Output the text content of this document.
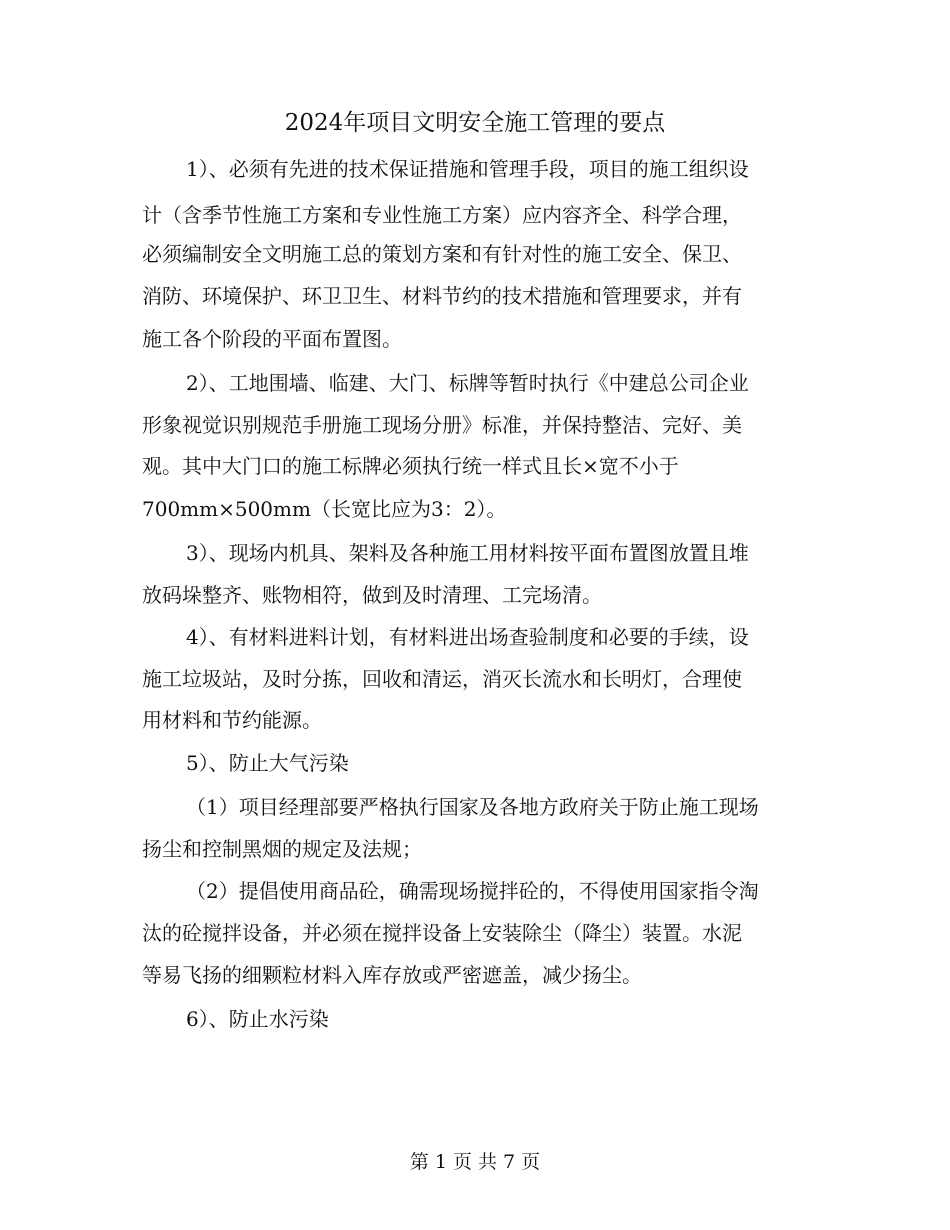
2024年项目文明安全施工管理的要点
1）、必须有先进的技术保证措施和管理手段，项目的施工组织设
计（含季节性施工方案和专业性施工方案）应内容齐全、科学合理，
必须编制安全文明施工总的策划方案和有针对性的施工安全、保卫、
消防、环境保护、环卫卫生、材料节约的技术措施和管理要求，并有
施工各个阶段的平面布置图。
2）、工地围墙、临建、大门、标牌等暂时执行《中建总公司企业
形象视觉识别规范手册施工现场分册》标准，并保持整洁、完好、美
观。其中大门口的施工标牌必须执行统一样式且长×宽不小于
700mm×500mm（长宽比应为3：2）。
3）、现场内机具、架料及各种施工用材料按平面布置图放置且堆
放码垛整齐、账物相符，做到及时清理、工完场清。
4）、有材料进料计划，有材料进出场查验制度和必要的手续，设
施工垃圾站，及时分拣，回收和清运，消灭长流水和长明灯，合理使
用材料和节约能源。
5）、防止大气污染
（1）项目经理部要严格执行国家及各地方政府关于防止施工现场
扬尘和控制黑烟的规定及法规；
（2）提倡使用商品砼，确需现场搅拌砼的，不得使用国家指令淘
汰的砼搅拌设备，并必须在搅拌设备上安装除尘（降尘）装置。水泥
等易飞扬的细颗粒材料入库存放或严密遮盖，减少扬尘。
6）、防止水污染
第 1 页 共 7 页
